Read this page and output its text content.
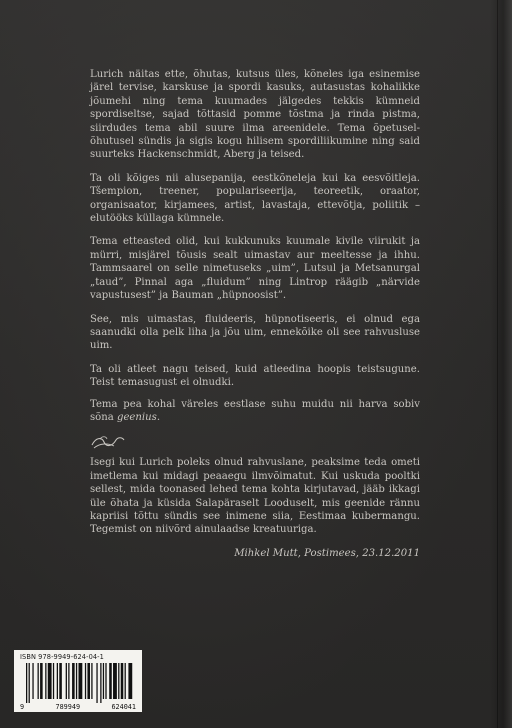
Lurich näitas ette, õhutas, kutsus üles, kõneles iga esinemise järel tervise, karskuse ja spordi kasuks, autasustas kohalikke jõumehi ning tema kuumades jälgedes tekkis kümneid spordiseltse, sajad tõttasid pomme tõstma ja rinda pistma, siirdudes tema abil suure ilma areenidele. Tema õpetusel-õhutusel sündis ja sigis kogu hilisem spordiliikumine ning said suurteks Hackenschmidt, Aberg ja teised.

Ta oli kõiges nii alusepanija, eestkõneleja kui ka eesvõitleja. Tšempion, treener, populariseerija, teoreetik, oraator, organisaator, kirjamees, artist, lavastaja, ettevõtja, poliitik – elutööks küllaga kümnele.

Tema etteasted olid, kui kukkunuks kuumale kivile viirukit ja mürri, misjärel tõusis sealt uimastav aur meeltesse ja ihhu. Tammsaarel on selle nimetuseks „uim”, Lutsul ja Metsanurgal „taud”, Pinnal aga „fluidum” ning Lintrop räägib „närvide vapustusest” ja Bauman „hüpnoosist”.

See, mis uimastas, fluideeris, hüpnotiseeris, ei olnud ega saanudki olla pelk liha ja jõu uim, ennekõike oli see rahvusluse uim.

Ta oli atleet nagu teised, kuid atleedina hoopis teistsugune. Teist temasugust ei olnudki.

Tema pea kohal väreles eestlase suhu muidu nii harva sobiv sõna geenius.

Isegi kui Lurich poleks olnud rahvuslane, peaksime teda ometi imetlema kui midagi peaaegu ilmvõimatut. Kui uskuda pooltki sellest, mida toonased lehed tema kohta kirjutavad, jääb ikkagi üle õhata ja küsida Salapäraselt Looduselt, mis geenide rännu kapriisi tõttu sündis see inimene siia, Eestimaa kubermangu. Tegemist on niivõrd ainulaadse kreatuuriga.

Mihkel Mutt, Postimees, 23.12.2011
ISBN 978-9949-624-04-1
9	789949	624041
